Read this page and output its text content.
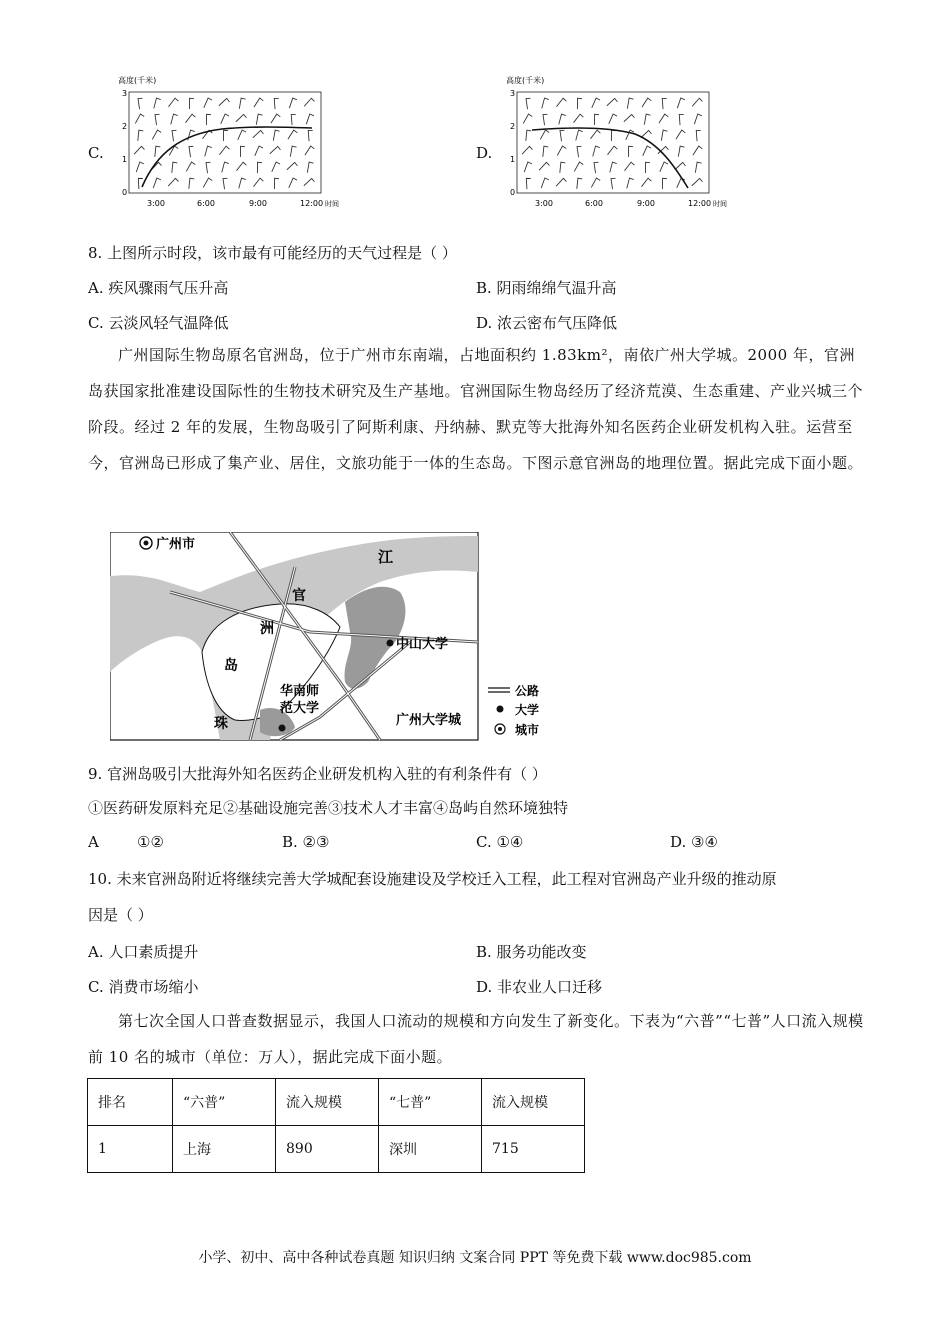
C.
高度(千米)
0
1
2
3
3:00	6:00	9:00	12:00 时间
D.
高度(千米)
0
1
2
3
3:00	6:00	9:00	12:00 时间
8. 上图所示时段，该市最有可能经历的天气过程是（ ）
A. 疾风骤雨气压升高	B. 阴雨绵绵气温升高
C. 云淡风轻气温降低	D. 浓云密布气压降低
广州国际生物岛原名官洲岛，位于广州市东南端，占地面积约 1.83km²，南依广州大学城。2000 年，官洲岛获国家批准建设国际性的生物技术研究及生产基地。官洲国际生物岛经历了经济荒漠、生态重建、产业兴城三个阶段。经过 2 年的发展，生物岛吸引了阿斯利康、丹纳赫、默克等大批海外知名医药企业研发机构入驻。运营至今，官洲岛已形成了集产业、居住，文旅功能于一体的生态岛。下图示意官洲岛的地理位置。据此完成下面小题。
广州市
江
官
洲
岛
珠
中山大学
华南师
范大学
广州大学城
公路
大学
城市
9. 官洲岛吸引大批海外知名医药企业研发机构入驻的有利条件有（ ）
①医药研发原料充足②基础设施完善③技术人才丰富④岛屿自然环境独特
A	①②	B. ②③	C. ①④	D. ③④
10. 未来官洲岛附近将继续完善大学城配套设施建设及学校迁入工程，此工程对官洲岛产业升级的推动原
因是（ ）
A. 人口素质提升	B. 服务功能改变
C. 消费市场缩小	D. 非农业人口迁移
第七次全国人口普查数据显示，我国人口流动的规模和方向发生了新变化。下表为“六普”“七普”人口流入规模前 10 名的城市（单位：万人），据此完成下面小题。
排名	“六普”	流入规模	“七普”	流入规模
1	上海	890	深圳	715
小学、初中、高中各种试卷真题 知识归纳 文案合同 PPT 等免费下载 www.doc985.com
